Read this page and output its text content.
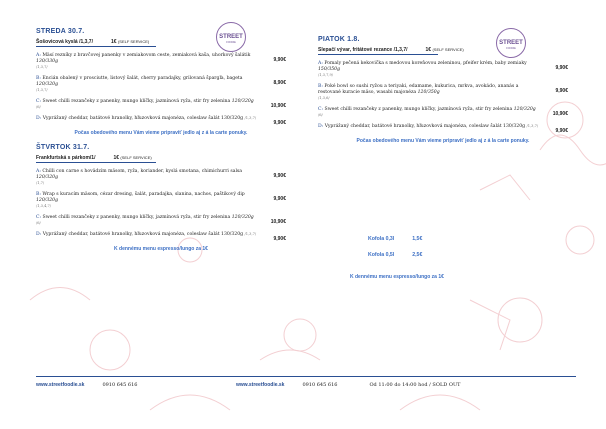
STREDA 30.7.
Šošovicová kyslá /1,3,7/	1€ (SELF SERVICE)
A: Mäsí rezníky z bravčovej panenky v zemiakovom ceste, zemiaková kaša, uhorkový šalátik 130/330g
/1,3,7/
9,90€
B: Encián obalený v prosciutte, listový šalát, cherry paradajky, grilovaná špargľa, bageta 120/320g
/1,3,7/
8,90€
C: Sweet chilli rezančeky z panenky, mungo klíčky, jazmínová ryža, stir fry zelenina 120/320g
/6/	10,90€
D: Vyprážaný cheddar, batátové hranolky, hľuzovková majonéza, coleslaw šalát 130/320g /1,3,7/
9,90€
Počas obedového menu Vám vieme pripraviť jedlo aj z á la carte ponuky.
ŠTVRTOK 31.7.
Frankfurtská s párkom/1/	1€ (SELF SERVICE)
A: Chilli con carne s hovädzím mäsom, ryža, koriander, kyslá smotana, chimichurri salsa 120/320g
/1,7/
9,90€
B: Wrap s kuracím mäsom, cézar dresing, šalát, paradajka, slanina, nachos, paštikový dip 120/320g
/1,3,4,7/
9,90€
C: Sweet chilli rezančeky z panenky, mungo klíčky, jazmínová ryža, stir fry zelenina 120/320g
/6/	10,90€
D: Vyprážaný cheddar, batátové hranolky, hľuzovková majonéza, coleslaw šalát 130/320g /1,3,7/
9,90€
K dennému menu espresso/lungo za 1€
STREET
FOODIE	STREET
FOODIE
PIATOK 1.8.
Slepačí vývar, fritátové rezance /1,3,7/	1€ (SELF SERVICE)
A: Pomaly pečená kekovička s medovou koreňovou zeleninou, pfeifer krém, baby zemiaky 150/350g
/1,3,7,9/
9,90€
B: Poké bowl so sushi ryžou a teriyaki, edamame, kukurica, mrkva, avokádo, ananás a restované kuracie mäso, wasabi majonéza 120/350g
/1,3,6/
9,90€
C: Sweet chilli rezančeky z panenky, mungo klíčky, jazmínová ryža, stir fry zelenina 120/320g
/6/	10,90€
D: Vyprážaný cheddar, batátové hranolky, hľuzovková majonéza, coleslaw šalát 130/320g /1,3,7/
9,90€
Počas obedového menu Vám vieme pripraviť jedlo aj z á la carte ponuky.
Kofola 0,3l	1,5€
Kofola 0,5l	2,5€
K dennému menu espresso/lungo za 1€
www.streetfoodie.sk	0910 645 616	www.streetfoodie.sk	0910 645 616	Od 11:00 do 14:00 hod / SOLD OUT
